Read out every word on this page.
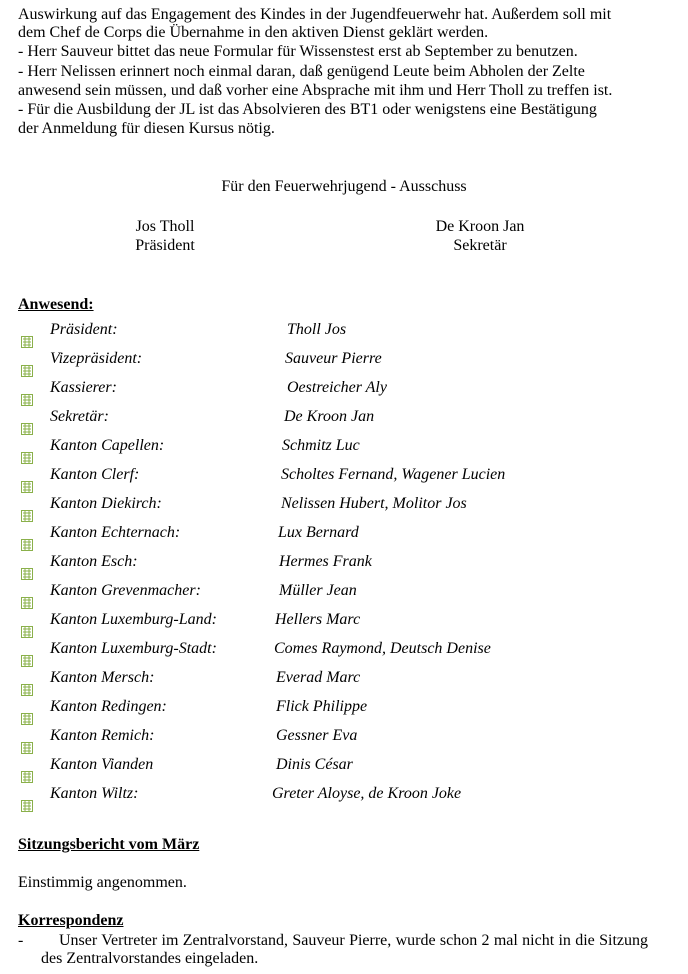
Auswirkung auf das Engagement des Kindes in der Jugendfeuerwehr hat. Außerdem soll mit
dem Chef de Corps die Übernahme in den aktiven Dienst geklärt werden.
- Herr Sauveur bittet das neue Formular für Wissenstest erst ab September zu benutzen.
- Herr Nelissen erinnert noch einmal daran, daß genügend Leute beim Abholen der Zelte
anwesend sein müssen, und daß vorher eine Absprache mit ihm und Herr Tholl zu treffen ist.
- Für die Ausbildung der JL ist das Absolvieren des BT1 oder wenigstens eine Bestätigung
der Anmeldung für diesen Kursus nötig.
Für den Feuerwehrjugend - Ausschuss
Jos Tholl
Präsident
De Kroon Jan
Sekretär
Anwesend:
Präsident:	Tholl Jos
Vizepräsident:	Sauveur Pierre
Kassierer:	Oestreicher Aly
Sekretär:	De Kroon Jan
Kanton Capellen:	Schmitz Luc
Kanton Clerf:	Scholtes Fernand, Wagener Lucien
Kanton Diekirch:	Nelissen Hubert, Molitor Jos
Kanton Echternach:	Lux Bernard
Kanton Esch:	Hermes Frank
Kanton Grevenmacher:	Müller Jean
Kanton Luxemburg-Land:	Hellers Marc
Kanton Luxemburg-Stadt:	Comes Raymond, Deutsch Denise
Kanton Mersch:	Everad Marc
Kanton Redingen:	Flick Philippe
Kanton Remich:	Gessner Eva
Kanton Vianden	Dinis César
Kanton Wiltz:	Greter Aloyse, de Kroon Joke
Sitzungsbericht vom März
Einstimmig angenommen.
Korrespondenz
-	Unser Vertreter im Zentralvorstand, Sauveur Pierre, wurde schon 2 mal nicht in die Sitzung des Zentralvorstandes eingeladen.
